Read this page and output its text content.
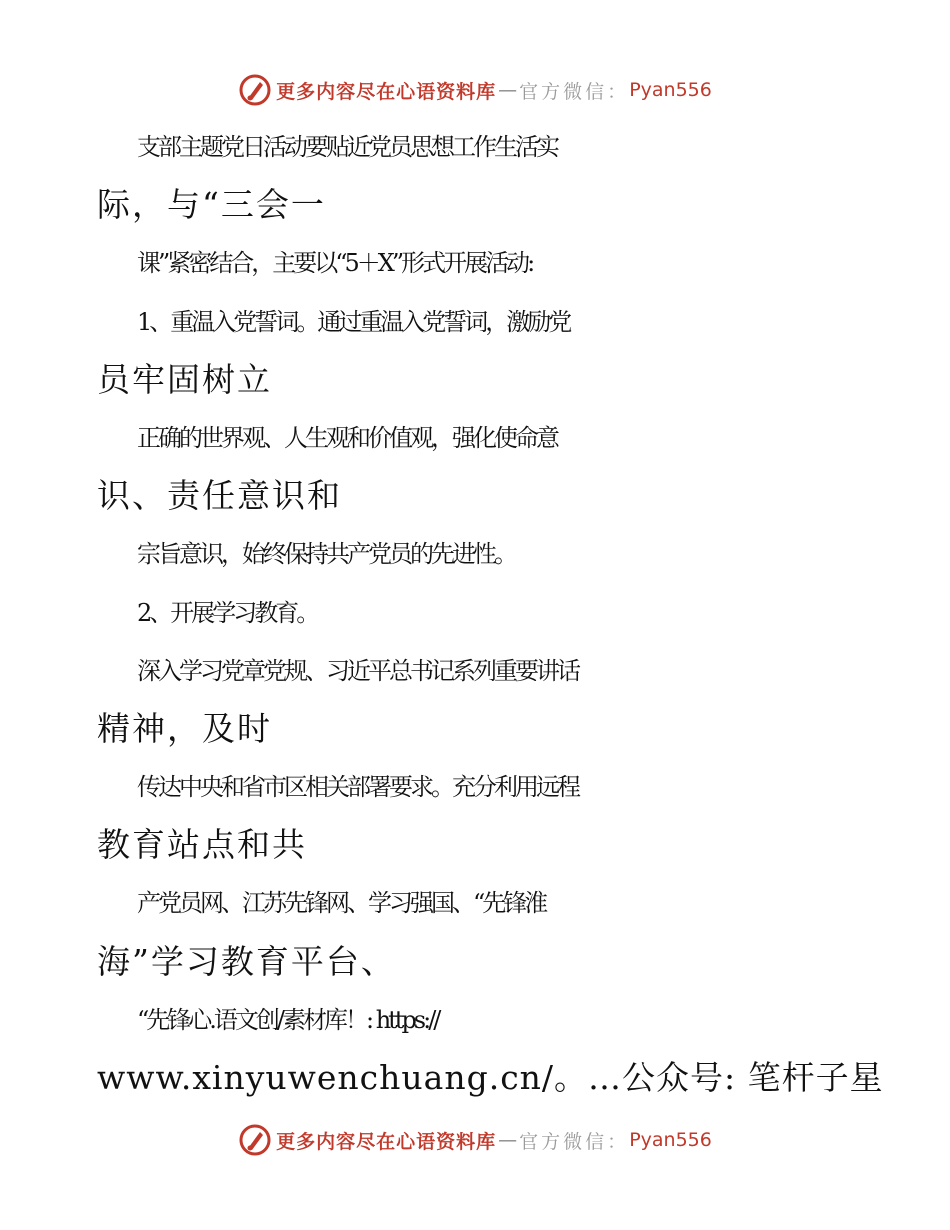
更多内容尽在心语资料库 — 官方微信： Pyan556
支部主题党日活动要贴近党员思想工作生活实
际，与“三会一
课”紧密结合，主要以“5＋X”形式开展活动:
1、重温入党誓词。通过重温入党誓词，激励党
员牢固树立
正确的世界观、人生观和价值观，强化使命意
识、责任意识和
宗旨意识，始终保持共产党员的先进性。
2、开展学习教育。
深入学习党章党规、习近平总书记系列重要讲话
精神，及时
传达中央和省市区相关部署要求。充分利用远程
教育站点和共
产党员网、江苏先锋网、学习强国、“先锋淮
海”学习教育平台、
“先锋心.语文创/素材库！: https://
www.xinyuwenchuang.cn/。…公众号: 笔杆子星
更多内容尽在心语资料库 — 官方微信： Pyan556
